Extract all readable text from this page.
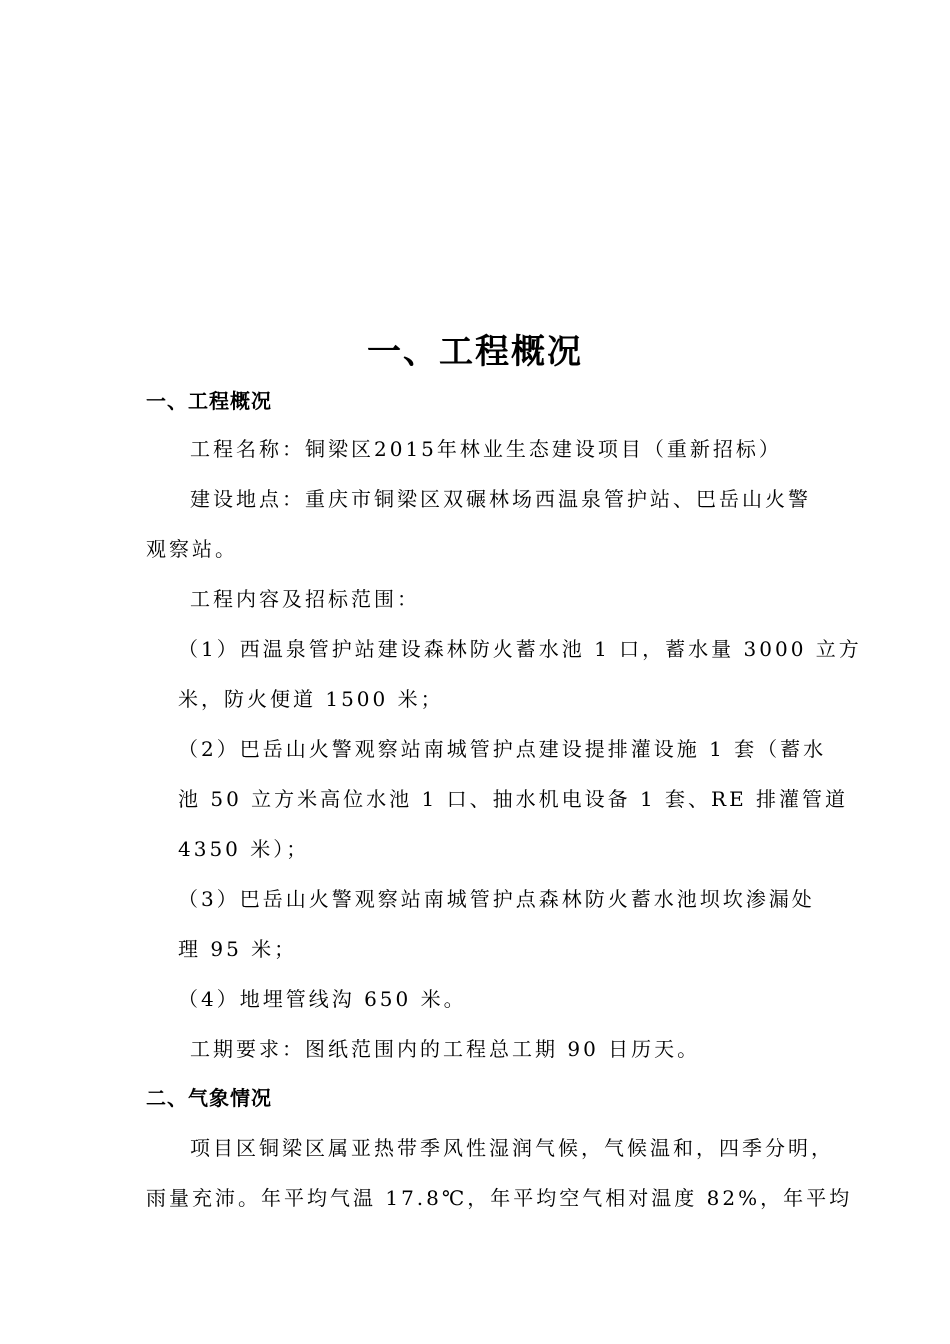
一、工程概况
一、工程概况
工程名称：铜梁区2015年林业生态建设项目（重新招标）
建设地点：重庆市铜梁区双碾林场西温泉管护站、巴岳山火警
观察站。
工程内容及招标范围：
（1）西温泉管护站建设森林防火蓄水池 1 口，蓄水量 3000 立方
米，防火便道 1500 米；
（2）巴岳山火警观察站南城管护点建设提排灌设施 1 套（蓄水
池 50 立方米高位水池 1 口、抽水机电设备 1 套、RE 排灌管道
4350 米）；
（3）巴岳山火警观察站南城管护点森林防火蓄水池坝坎渗漏处
理 95 米；
（4）地埋管线沟 650 米。
工期要求：图纸范围内的工程总工期 90 日历天。
二、气象情况
项目区铜梁区属亚热带季风性湿润气候，气候温和，四季分明，
雨量充沛。年平均气温 17.8℃，年平均空气相对温度 82%，年平均
